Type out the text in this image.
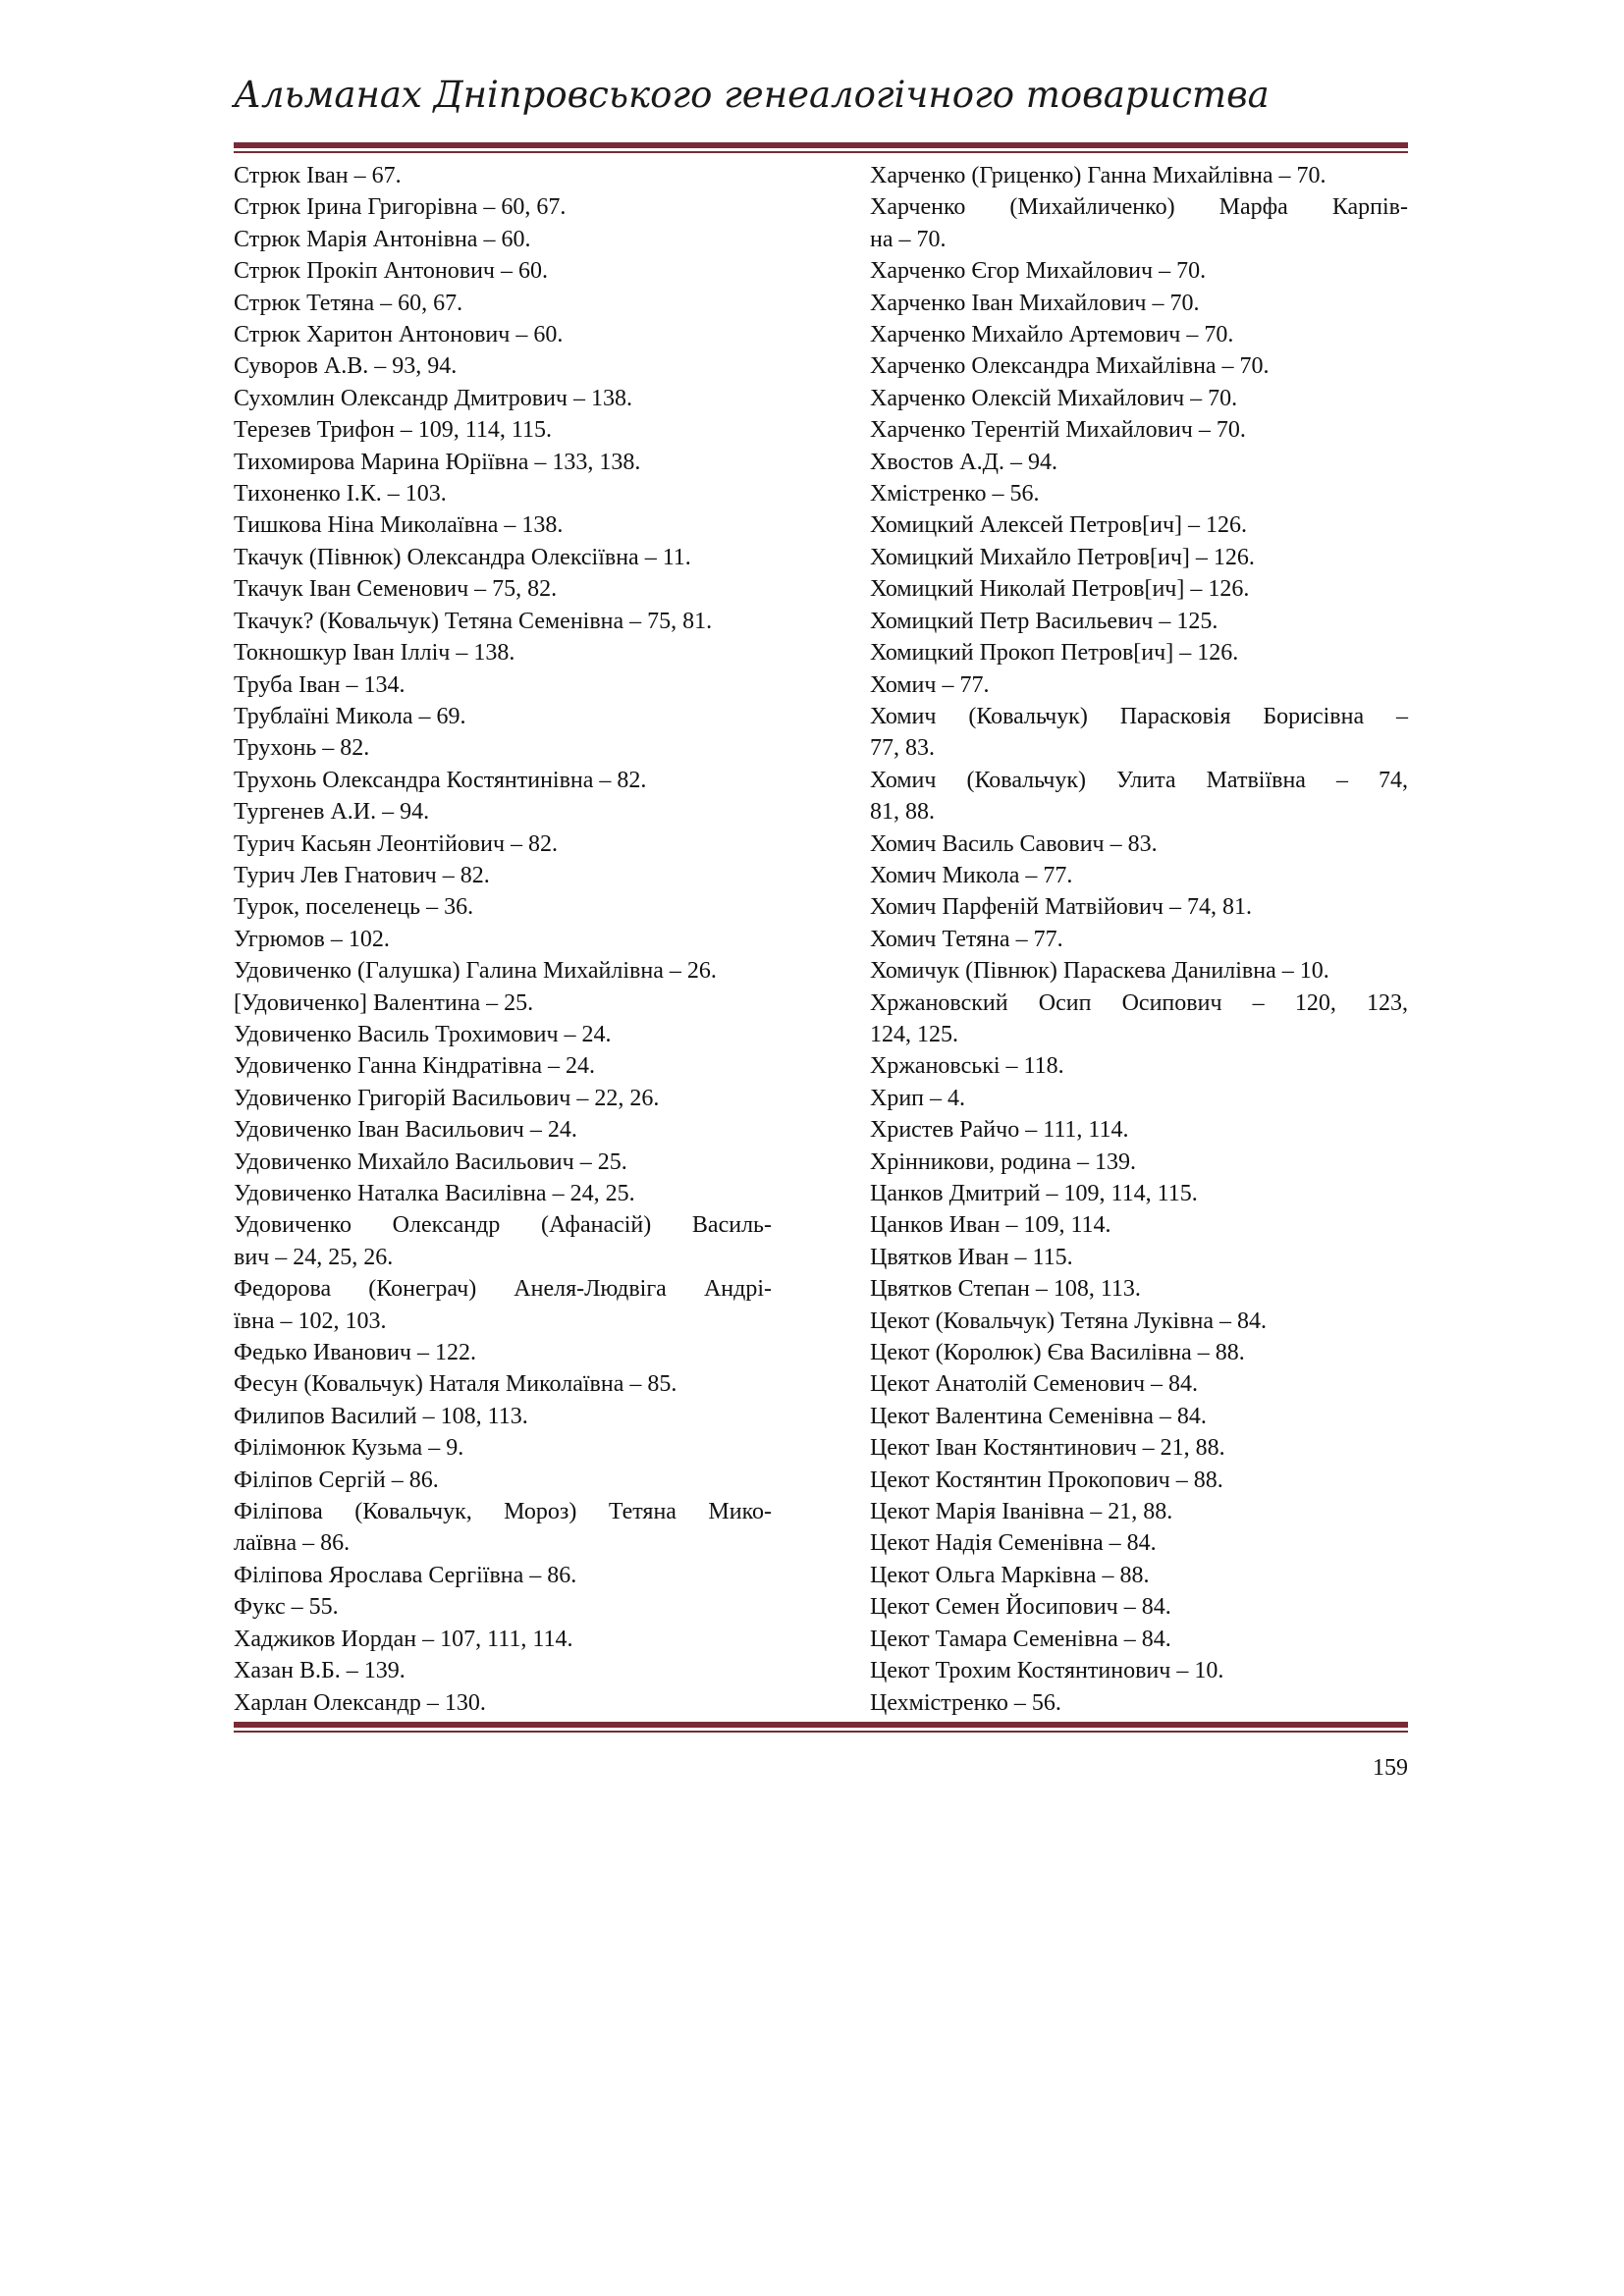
Альманах Дніпровського генеалогічного товариства
Стрюк Іван – 67.
Стрюк Ірина Григорівна – 60, 67.
Стрюк Марія Антонівна – 60.
Стрюк Прокіп Антонович – 60.
Стрюк Тетяна – 60, 67.
Стрюк Харитон Антонович – 60.
Суворов А.В. – 93, 94.
Сухомлин Олександр Дмитрович – 138.
Терезев Трифон – 109, 114, 115.
Тихомирова Марина Юріївна – 133, 138.
Тихоненко І.К. – 103.
Тишкова Ніна Миколаївна – 138.
Ткачук (Півнюк) Олександра Олексіївна – 11.
Ткачук Іван Семенович – 75, 82.
Ткачук? (Ковальчук) Тетяна Семенівна – 75, 81.
Токношкур Іван Ілліч – 138.
Труба Іван – 134.
Трублаїні Микола – 69.
Трухонь – 82.
Трухонь Олександра Костянтинівна – 82.
Тургенев А.И. – 94.
Турич Касьян Леонтійович – 82.
Турич Лев Гнатович – 82.
Турок, поселенець – 36.
Угрюмов – 102.
Удовиченко (Галушка) Галина Михайлівна – 26.
[Удовиченко] Валентина – 25.
Удовиченко Василь Трохимович – 24.
Удовиченко Ганна Кіндратівна – 24.
Удовиченко Григорій Васильович – 22, 26.
Удовиченко Іван Васильович – 24.
Удовиченко Михайло Васильович – 25.
Удовиченко Наталка Василівна – 24, 25.
Удовиченко Олександр (Афанасій) Василь-
вич – 24, 25, 26.
Федорова (Конеграч) Анеля-Людвіга Андрі-
ївна – 102, 103.
Федько Иванович – 122.
Фесун (Ковальчук) Наталя Миколаївна – 85.
Филипов Василий – 108, 113.
Філімонюк Кузьма – 9.
Філіпов Сергій – 86.
Філіпова (Ковальчук, Мороз) Тетяна Мико-
лаївна – 86.
Філіпова Ярослава Сергіївна – 86.
Фукс – 55.
Хаджиков Иордан – 107, 111, 114.
Хазан В.Б. – 139.
Харлан Олександр – 130.
Харченко (Гриценко) Ганна Михайлівна – 70.
Харченко (Михайличенко) Марфа Карпів-
на – 70.
Харченко Єгор Михайлович – 70.
Харченко Іван Михайлович – 70.
Харченко Михайло Артемович – 70.
Харченко Олександра Михайлівна – 70.
Харченко Олексій Михайлович – 70.
Харченко Терентій Михайлович – 70.
Хвостов А.Д. – 94.
Хмістренко – 56.
Хомицкий Алексей Петров[ич] – 126.
Хомицкий Михайло Петров[ич] – 126.
Хомицкий Николай Петров[ич] – 126.
Хомицкий Петр Васильевич – 125.
Хомицкий Прокоп Петров[ич] – 126.
Хомич – 77.
Хомич (Ковальчук) Парасковія Борисівна –
77, 83.
Хомич (Ковальчук) Улита Матвіївна – 74,
81, 88.
Хомич Василь Савович – 83.
Хомич Микола – 77.
Хомич Парфеній Матвійович – 74, 81.
Хомич Тетяна – 77.
Хомичук (Півнюк) Параскева Данилівна – 10.
Хржановский Осип Осипович – 120, 123,
124, 125.
Хржановські – 118.
Хрип – 4.
Христев Райчо – 111, 114.
Хрінникови, родина – 139.
Цанков Дмитрий – 109, 114, 115.
Цанков Иван – 109, 114.
Цвятков Иван – 115.
Цвятков Степан – 108, 113.
Цекот (Ковальчук) Тетяна Луківна – 84.
Цекот (Королюк) Єва Василівна – 88.
Цекот Анатолій Семенович – 84.
Цекот Валентина Семенівна – 84.
Цекот Іван Костянтинович – 21, 88.
Цекот Костянтин Прокопович – 88.
Цекот Марія Іванівна – 21, 88.
Цекот Надія Семенівна – 84.
Цекот Ольга Марківна – 88.
Цекот Семен Йосипович – 84.
Цекот Тамара Семенівна – 84.
Цекот Трохим Костянтинович – 10.
Цехмістренко – 56.
159
